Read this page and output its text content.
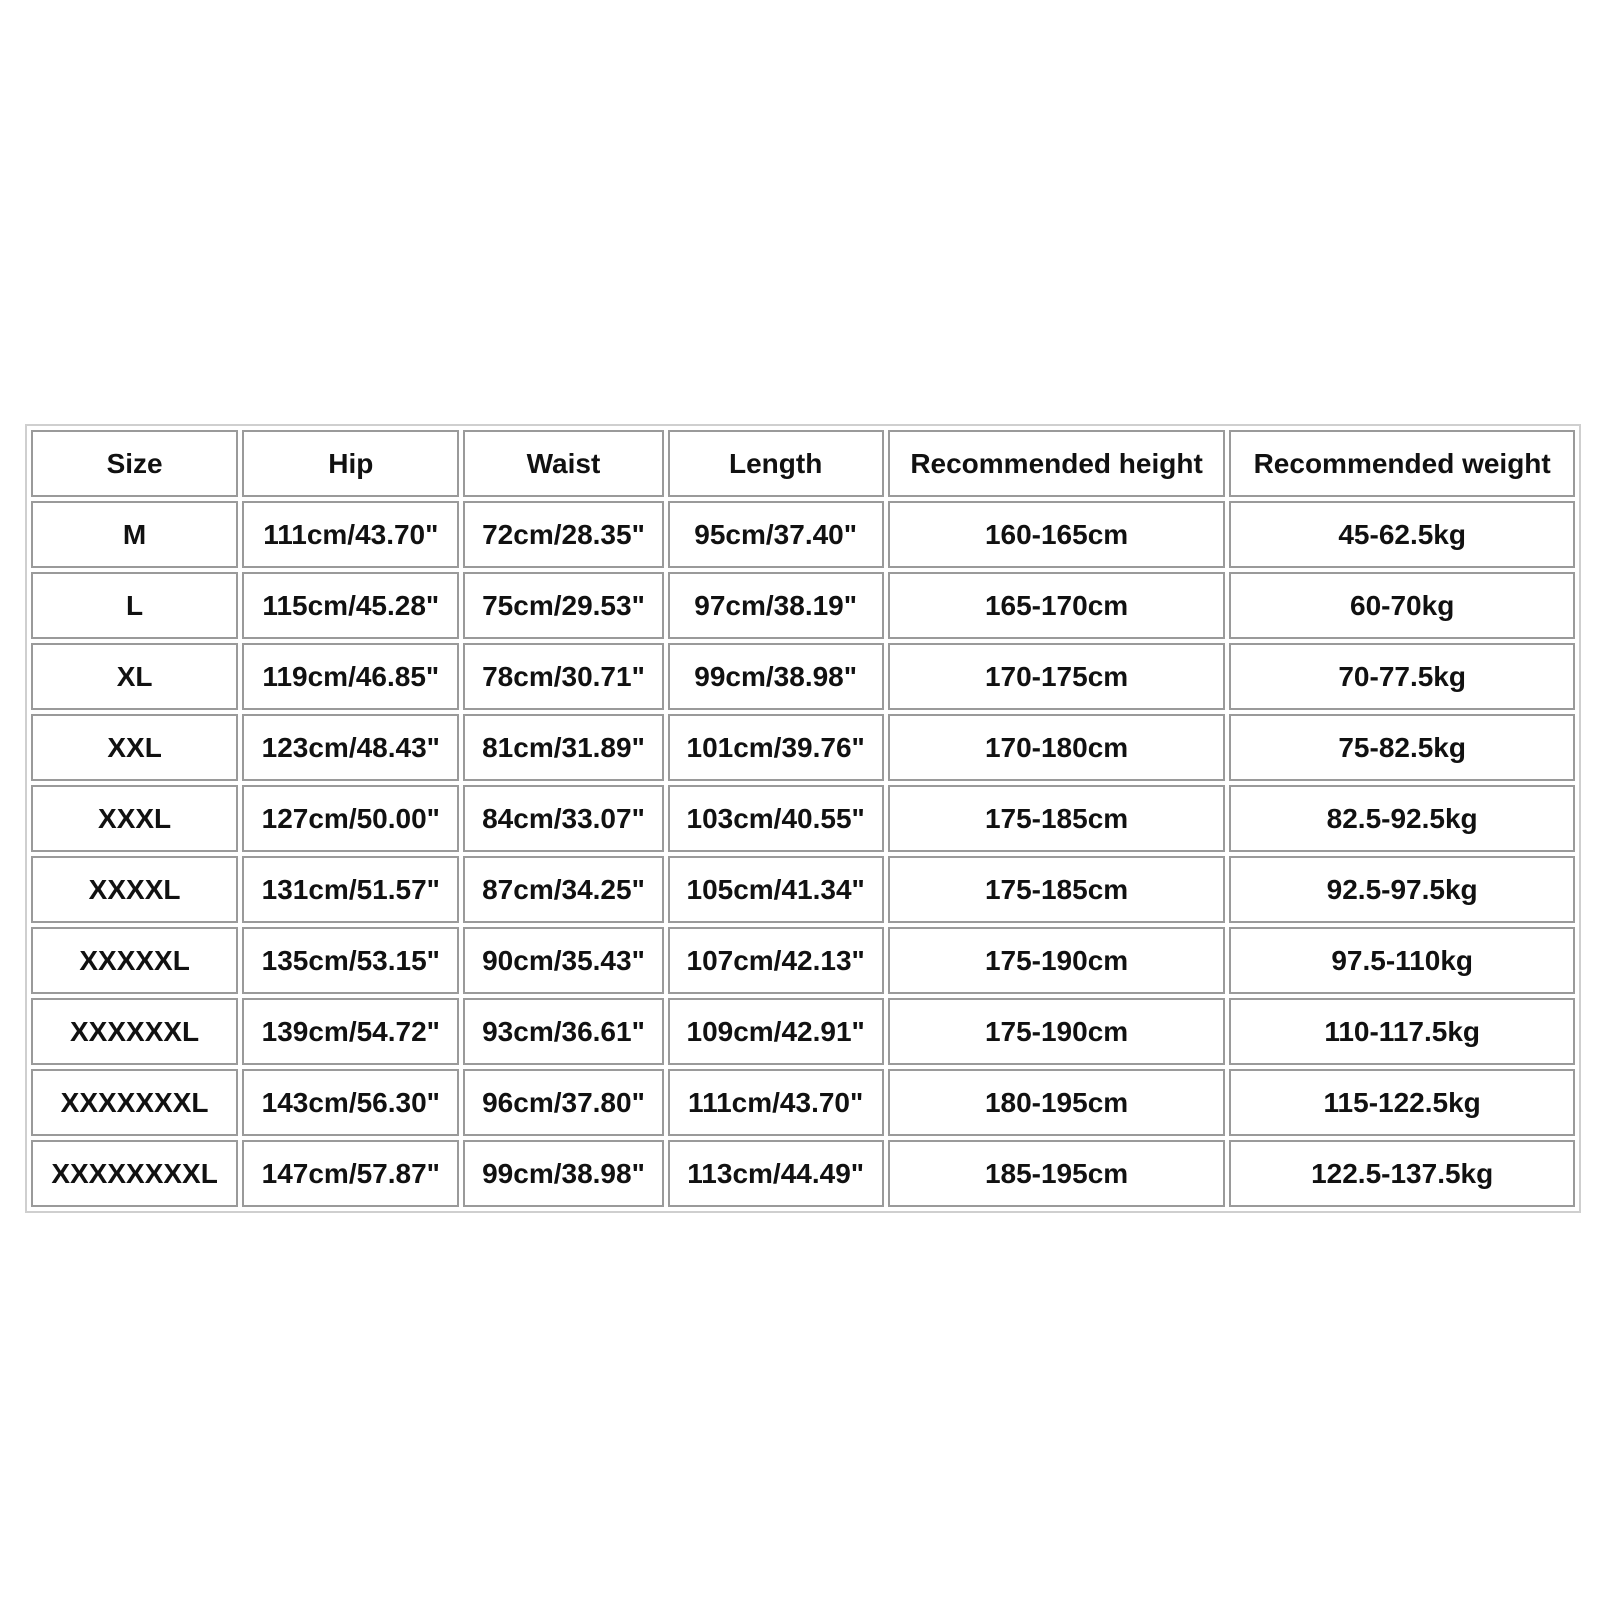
Size	Hip	Waist	Length	Recommended height	Recommended weight
M	111cm/43.70"	72cm/28.35"	95cm/37.40"	160-165cm	45-62.5kg
L	115cm/45.28"	75cm/29.53"	97cm/38.19"	165-170cm	60-70kg
XL	119cm/46.85"	78cm/30.71"	99cm/38.98"	170-175cm	70-77.5kg
XXL	123cm/48.43"	81cm/31.89"	101cm/39.76"	170-180cm	75-82.5kg
XXXL	127cm/50.00"	84cm/33.07"	103cm/40.55"	175-185cm	82.5-92.5kg
XXXXL	131cm/51.57"	87cm/34.25"	105cm/41.34"	175-185cm	92.5-97.5kg
XXXXXL	135cm/53.15"	90cm/35.43"	107cm/42.13"	175-190cm	97.5-110kg
XXXXXXL	139cm/54.72"	93cm/36.61"	109cm/42.91"	175-190cm	110-117.5kg
XXXXXXXL	143cm/56.30"	96cm/37.80"	111cm/43.70"	180-195cm	115-122.5kg
XXXXXXXXL	147cm/57.87"	99cm/38.98"	113cm/44.49"	185-195cm	122.5-137.5kg
